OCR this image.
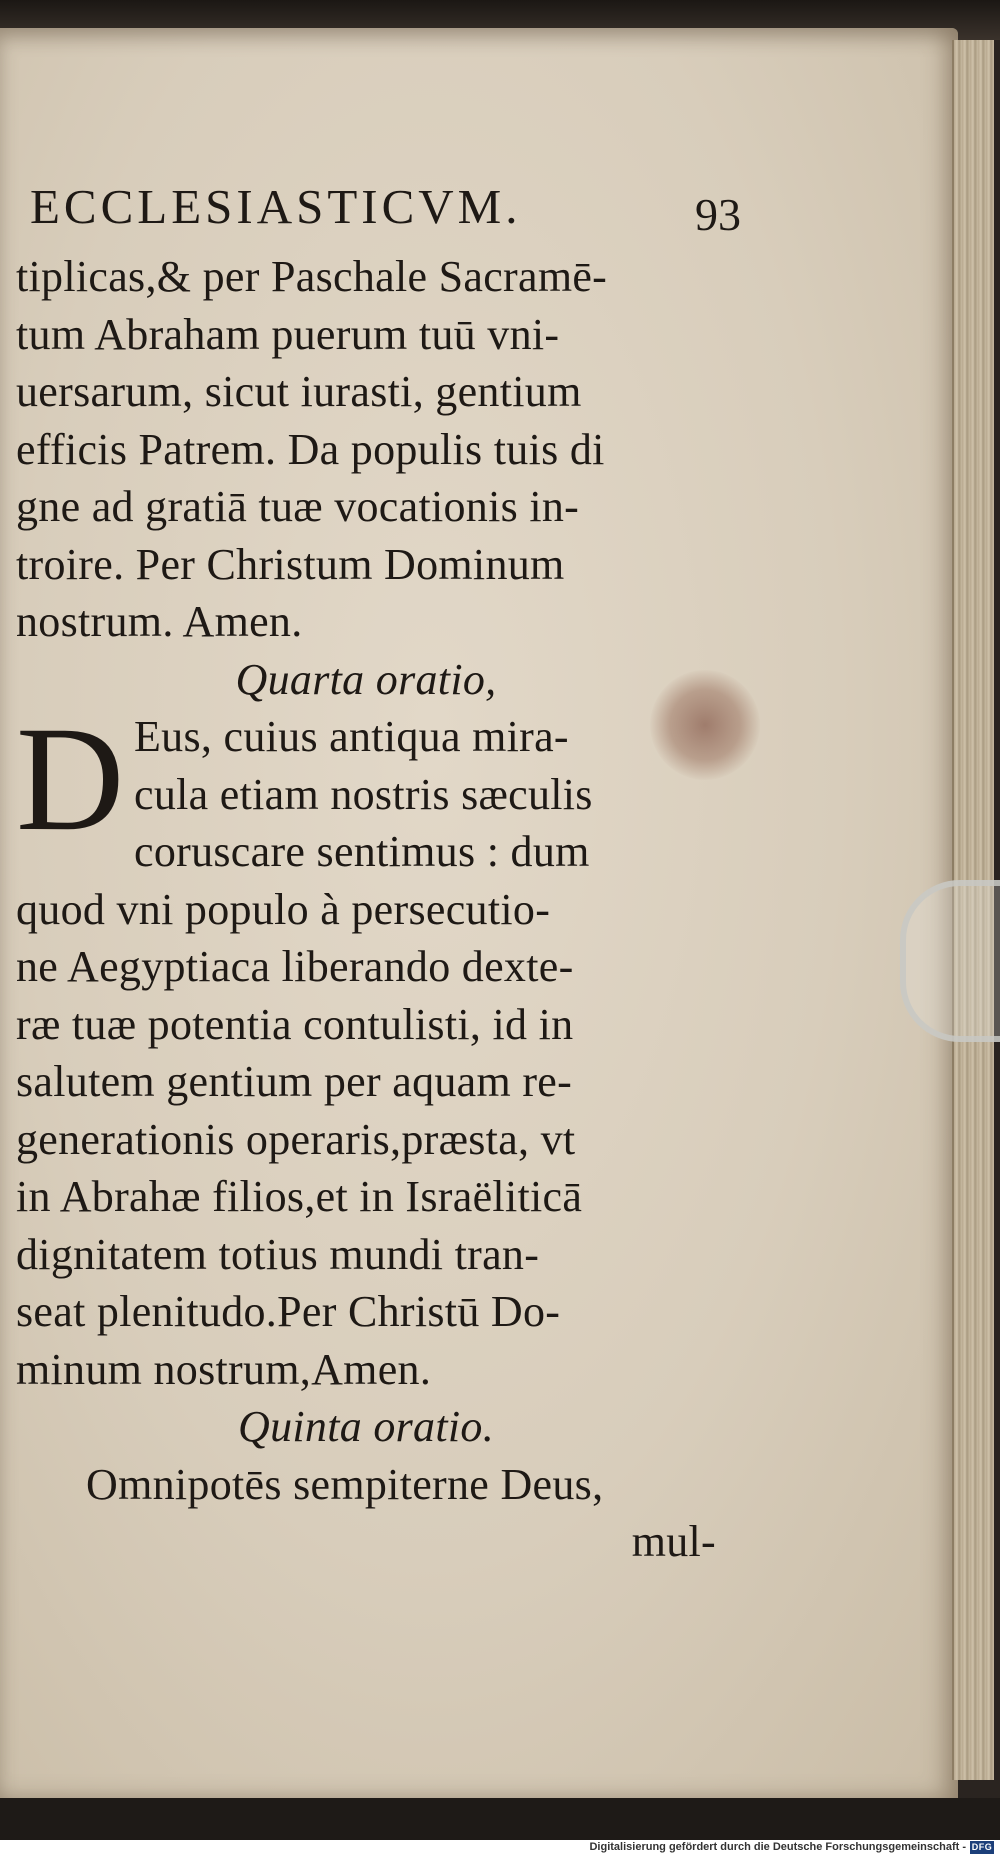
ECCLESIASTICVM.	93
tiplicas,& per Paschale Sacramē-
tum Abraham puerum tuū vni-
uersarum, sicut iurasti, gentium
efficis Patrem. Da populis tuis di
gne ad gratiā tuæ vocationis in-
troire. Per Christum Dominum
nostrum. Amen.
Quarta oratio,
D Eus, cuius antiqua mira-
cula etiam nostris sæculis
coruscare sentimus : dum
quod vni populo à persecutio-
ne Aegyptiaca liberando dexte-
ræ tuæ potentia contulisti, id in
salutem gentium per aquam re-
generationis operaris,præsta, vt
in Abrahæ filios,et in Israëliticā
dignitatem totius mundi tran-
seat plenitudo.Per Christū Do-
minum nostrum,Amen.
Quinta oratio.
Omnipotēs sempiterne Deus,
mul-
Digitalisierung gefördert durch die Deutsche Forschungsgemeinschaft - DFG
